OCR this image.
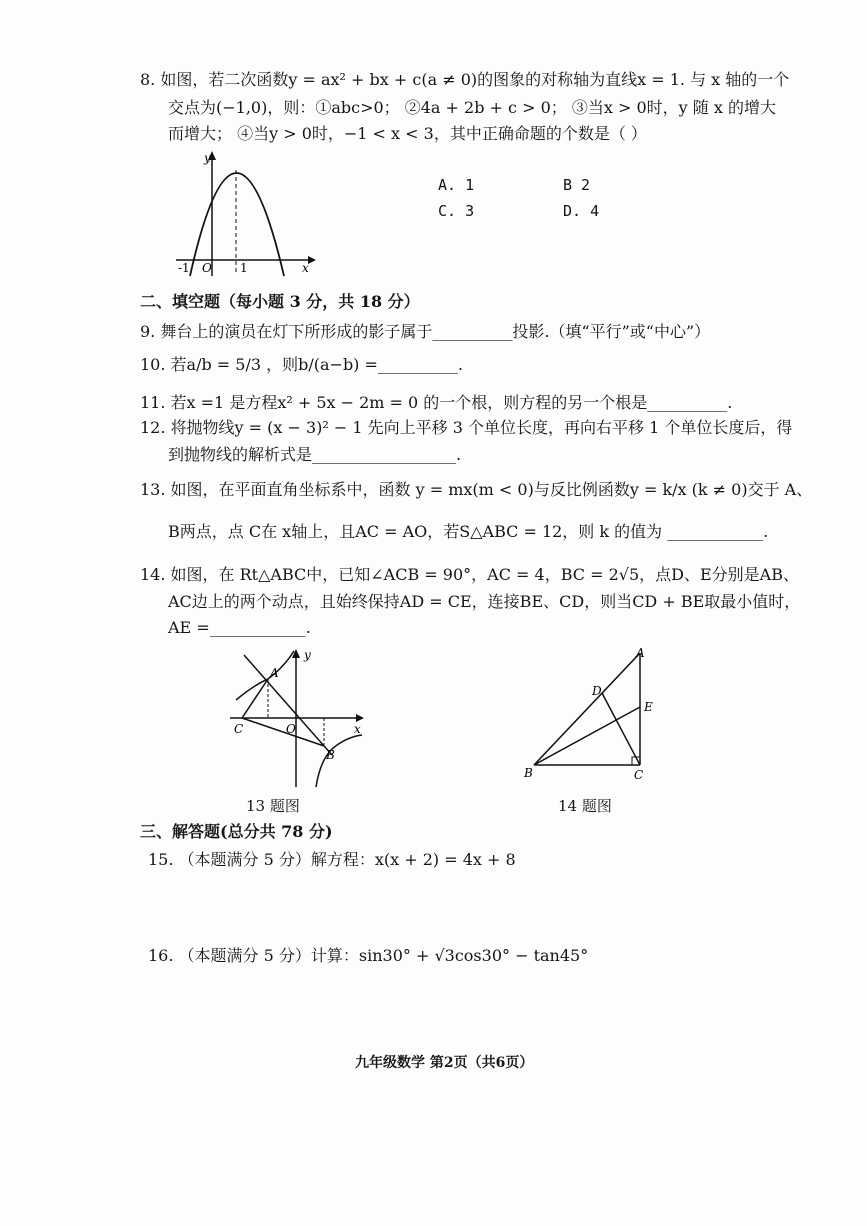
8. 如图，若二次函数y = ax² + bx + c(a ≠ 0)的图象的对称轴为直线x = 1. 与 x 轴的一个
交点为(−1,0)，则：①abc>0； ②4a + 2b + c > 0； ③当x > 0时，y 随 x 的增大
而增大； ④当y > 0时，−1 < x < 3，其中正确命题的个数是（ ）
y
x
O
-1	1
A. 1	B 2
C. 3	D. 4
二、填空题（每小题 3 分，共 18 分）
9. 舞台上的演员在灯下所形成的影子属于__________投影.（填“平行”或“中心”）
10. 若a/b = 5/3 ，则b/(a−b) =__________.
11. 若x =1 是方程x² + 5x − 2m = 0 的一个根，则方程的另一个根是__________.
12. 将抛物线y = (x − 3)² − 1 先向上平移 3 个单位长度，再向右平移 1 个单位长度后，得
到抛物线的解析式是__________________.
13. 如图，在平面直角坐标系中，函数 y = mx(m < 0)与反比例函数y = k/x (k ≠ 0)交于 A、
B两点，点 C在 x轴上，且AC = AO，若S△ABC = 12，则 k 的值为 ____________.
14. 如图，在 Rt△ABC中，已知∠ACB = 90°，AC = 4，BC = 2√5，点D、E分别是AB、
AC边上的两个动点，且始终保持AD = CE，连接BE、CD，则当CD + BE取最小值时，
AE =____________.
A
B
C	O	x
y
13 题图
A
B	C
D
E
14 题图
三、解答题(总分共 78 分)
15. （本题满分 5 分）解方程：x(x + 2) = 4x + 8
16. （本题满分 5 分）计算：sin30° + √3cos30° − tan45°
九年级数学 第2页（共6页）
